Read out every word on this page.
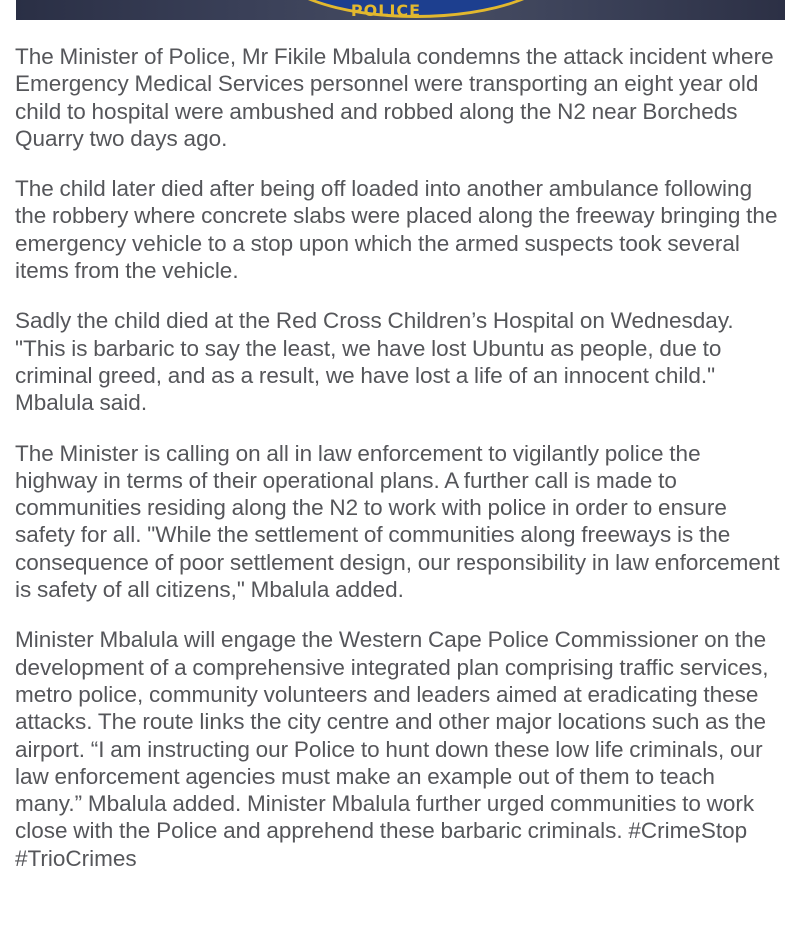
POLICE

The Minister of Police, Mr Fikile Mbalula condemns the attack incident where Emergency Medical Services personnel were transporting an eight year old child to hospital were ambushed and robbed along the N2 near Borcheds Quarry two days ago.

The child later died after being off loaded into another ambulance following the robbery where concrete slabs were placed along the freeway bringing the emergency vehicle to a stop upon which the armed suspects took several items from the vehicle.

Sadly the child died at the Red Cross Children’s Hospital on Wednesday. "This is barbaric to say the least, we have lost Ubuntu as people, due to criminal greed, and as a result, we have lost a life of an innocent child." Mbalula said.

The Minister is calling on all in law enforcement to vigilantly police the highway in terms of their operational plans. A further call is made to communities residing along the N2 to work with police in order to ensure safety for all. "While the settlement of communities along freeways is the consequence of poor settlement design, our responsibility in law enforcement is safety of all citizens," Mbalula added.

Minister Mbalula will engage the Western Cape Police Commissioner on the development of a comprehensive integrated plan comprising traffic services, metro police, community volunteers and leaders aimed at eradicating these attacks. The route links the city centre and other major locations such as the airport. “I am instructing our Police to hunt down these low life criminals, our law enforcement agencies must make an example out of them to teach many.” Mbalula added. Minister Mbalula further urged communities to work close with the Police and apprehend these barbaric criminals. #CrimeStop #TrioCrimes
